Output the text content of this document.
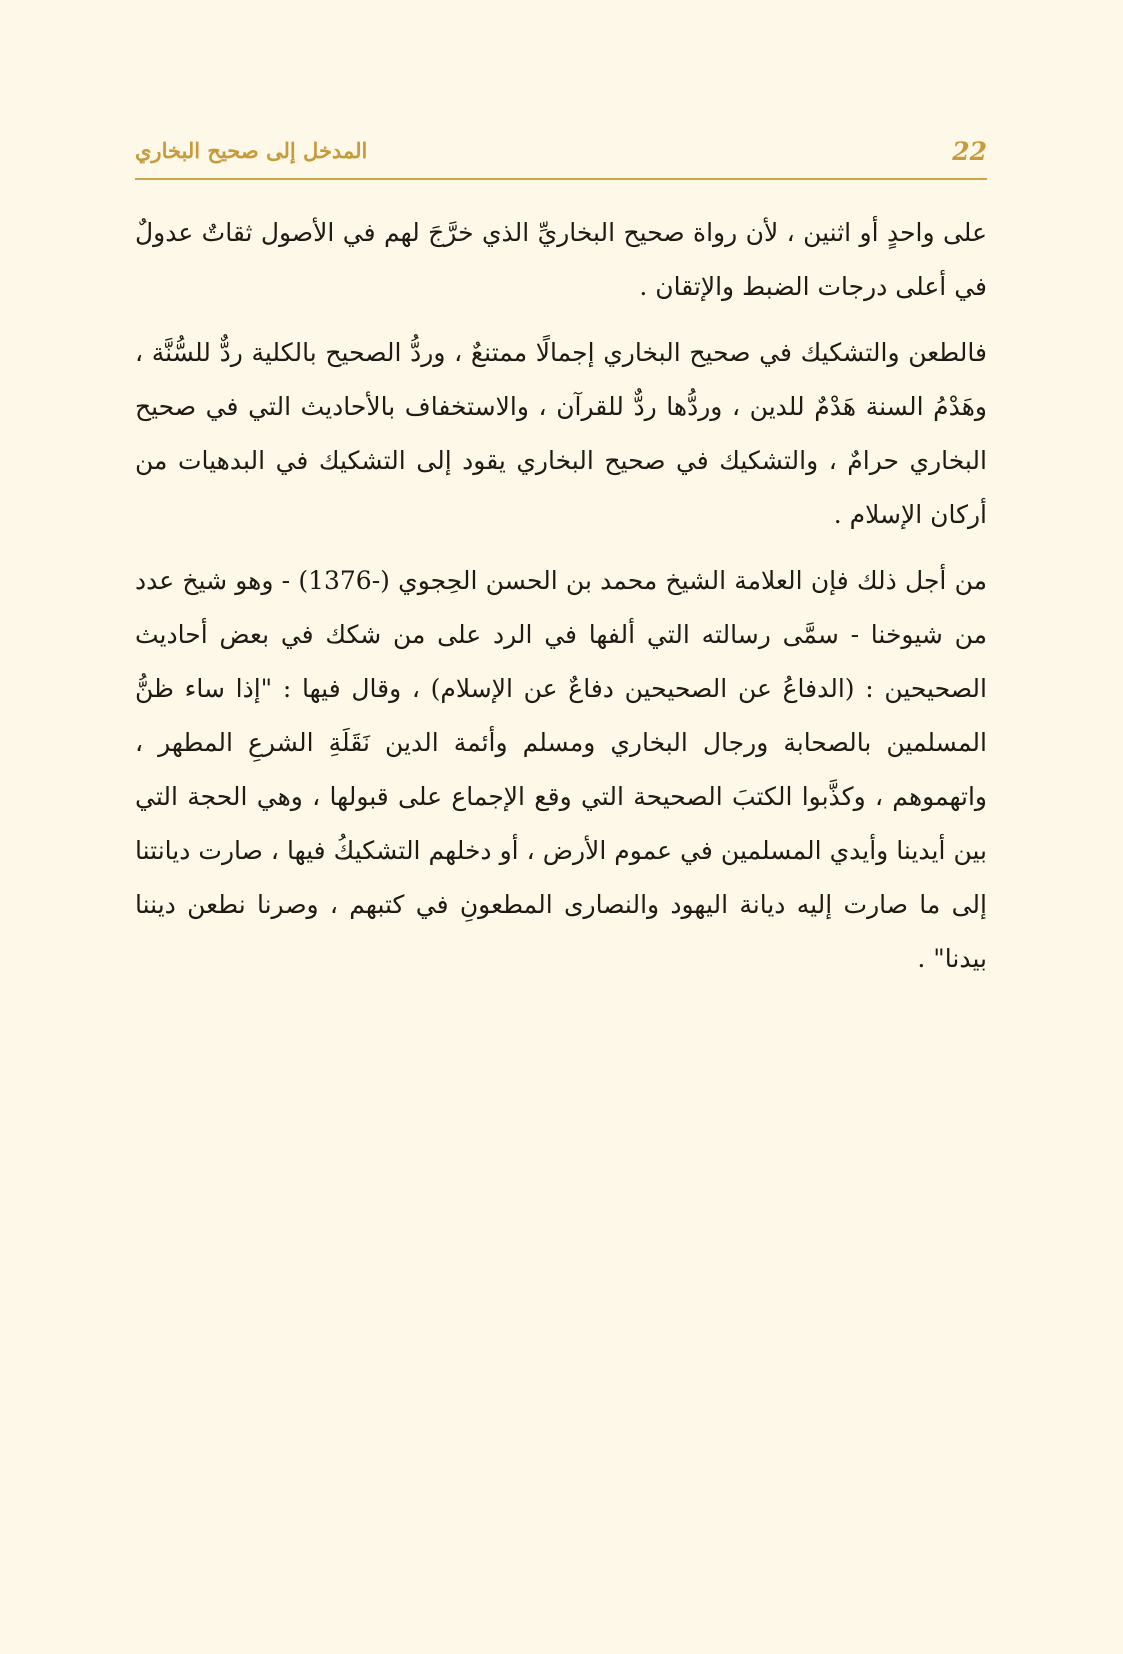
المدخل إلى صحيح البخاري	22

على واحدٍ أو اثنين ، لأن رواة صحيح البخاريِّ الذي خرَّجَ لهم في الأصول ثقاتٌ عدولٌ في أعلى درجات الضبط والإتقان .

فالطعن والتشكيك في صحيح البخاري إجمالًا ممتنعٌ ، وردُّ الصحيح بالكلية ردٌّ للسُّنَّة ، وهَدْمُ السنة هَدْمٌ للدين ، وردُّها ردٌّ للقرآن ، والاستخفاف بالأحاديث التي في صحيح البخاري حرامٌ ، والتشكيك في صحيح البخاري يقود إلى التشكيك في البدهيات من أركان الإسلام .

من أجل ذلك فإن العلامة الشيخ محمد بن الحسن الحِجوي (-1376) - وهو شيخ عدد من شيوخنا - سمَّى رسالته التي ألفها في الرد على من شكك في بعض أحاديث الصحيحين : (الدفاعُ عن الصحيحين دفاعٌ عن الإسلام) ، وقال فيها : "إذا ساء ظنُّ المسلمين بالصحابة ورجال البخاري ومسلم وأئمة الدين نَقَلَةِ الشرعِ المطهر ، واتهموهم ، وكذَّبوا الكتبَ الصحيحة التي وقع الإجماع على قبولها ، وهي الحجة التي بين أيدينا وأيدي المسلمين في عموم الأرض ، أو دخلهم التشكيكُ فيها ، صارت ديانتنا إلى ما صارت إليه ديانة اليهود والنصارى المطعونِ في كتبهم ، وصرنا نطعن ديننا بيدنا" .
